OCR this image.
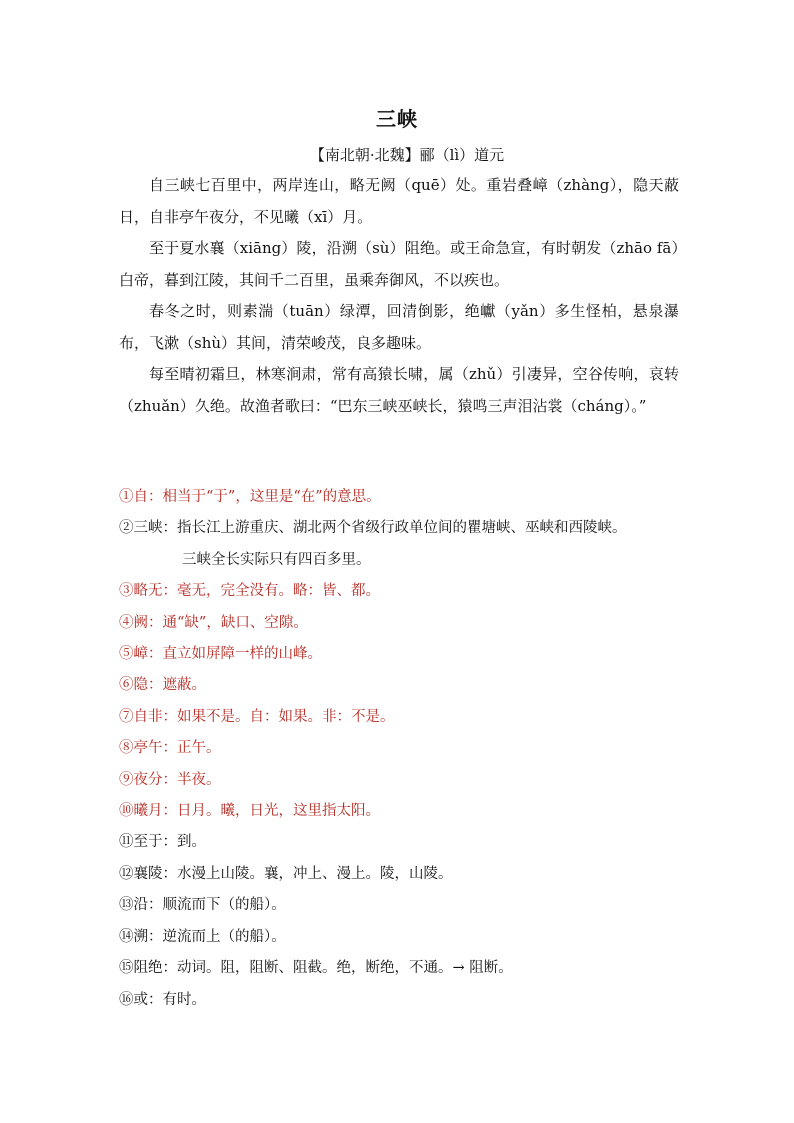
三峡
【南北朝·北魏】郦（lì）道元

自三峡七百里中，两岸连山，略无阙（quē）处。重岩叠嶂（zhàng），隐天蔽日，自非亭午夜分，不见曦（xī）月。

至于夏水襄（xiāng）陵，沿溯（sù）阻绝。或王命急宣，有时朝发（zhāo fā）白帝，暮到江陵，其间千二百里，虽乘奔御风，不以疾也。

春冬之时，则素湍（tuān）绿潭，回清倒影，绝巘（yǎn）多生怪柏，悬泉瀑布，飞漱（shù）其间，清荣峻茂，良多趣味。

每至晴初霜旦，林寒涧肃，常有高猿长啸，属（zhǔ）引凄异，空谷传响，哀转（zhuǎn）久绝。故渔者歌曰：“巴东三峡巫峡长，猿鸣三声泪沾裳（cháng）。”

①自：相当于“于”，这里是“在”的意思。
②三峡：指长江上游重庆、湖北两个省级行政单位间的瞿塘峡、巫峡和西陵峡。
三峡全长实际只有四百多里。
③略无：毫无，完全没有。略：皆、都。
④阙：通“缺”，缺口、空隙。
⑤嶂：直立如屏障一样的山峰。
⑥隐：遮蔽。
⑦自非：如果不是。自：如果。非：不是。
⑧亭午：正午。
⑨夜分：半夜。
⑩曦月：日月。曦，日光，这里指太阳。
⑪至于：到。
⑫襄陵：水漫上山陵。襄，冲上、漫上。陵，山陵。
⑬沿：顺流而下（的船）。
⑭溯：逆流而上（的船）。
⑮阻绝：动词。阻，阻断、阻截。绝，断绝，不通。→ 阻断。
⑯或：有时。
